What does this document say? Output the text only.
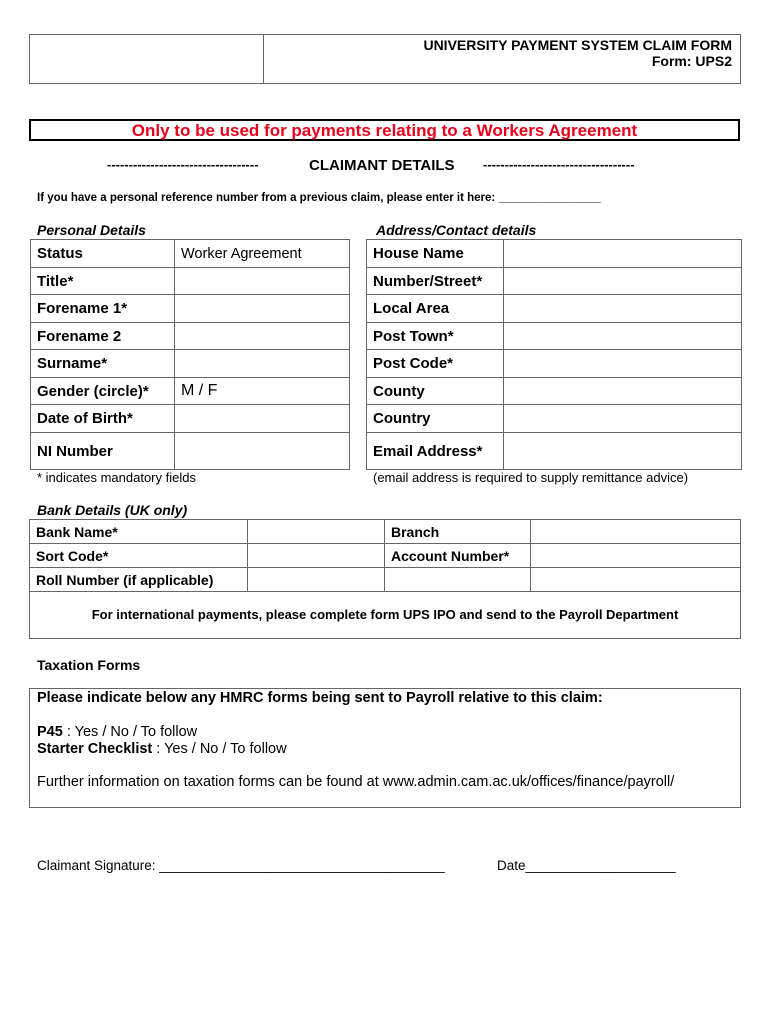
UNIVERSITY PAYMENT SYSTEM CLAIM FORM
Form: UPS2
Only to be used for payments relating to a Workers Agreement
-----------------------------------	CLAIMANT DETAILS -----------------------------------
If you have a personal reference number from a previous claim, please enter it here: ________________
Personal Details
Status	Worker Agreement
Title*	
Forename 1*	
Forename 2	
Surname*	
Gender (circle)*	M / F
Date of Birth*	
NI Number	
* indicates mandatory fields
Address/Contact details
House Name	
Number/Street*	
Local Area	
Post Town*	
Post Code*	
County	
Country	
Email Address*	
(email address is required to supply remittance advice)
Bank Details (UK only)
Bank Name*		Branch	
Sort Code*		Account Number*	
Roll Number (if applicable)			
For international payments, please complete form UPS IPO and send to the Payroll Department
Taxation Forms
Please indicate below any HMRC forms being sent to Payroll relative to this claim:
P45 : Yes / No / To follow
Starter Checklist : Yes / No / To follow
Further information on taxation forms can be found at www.admin.cam.ac.uk/offices/finance/payroll/
Claimant Signature: ______________________________________	Date____________________
